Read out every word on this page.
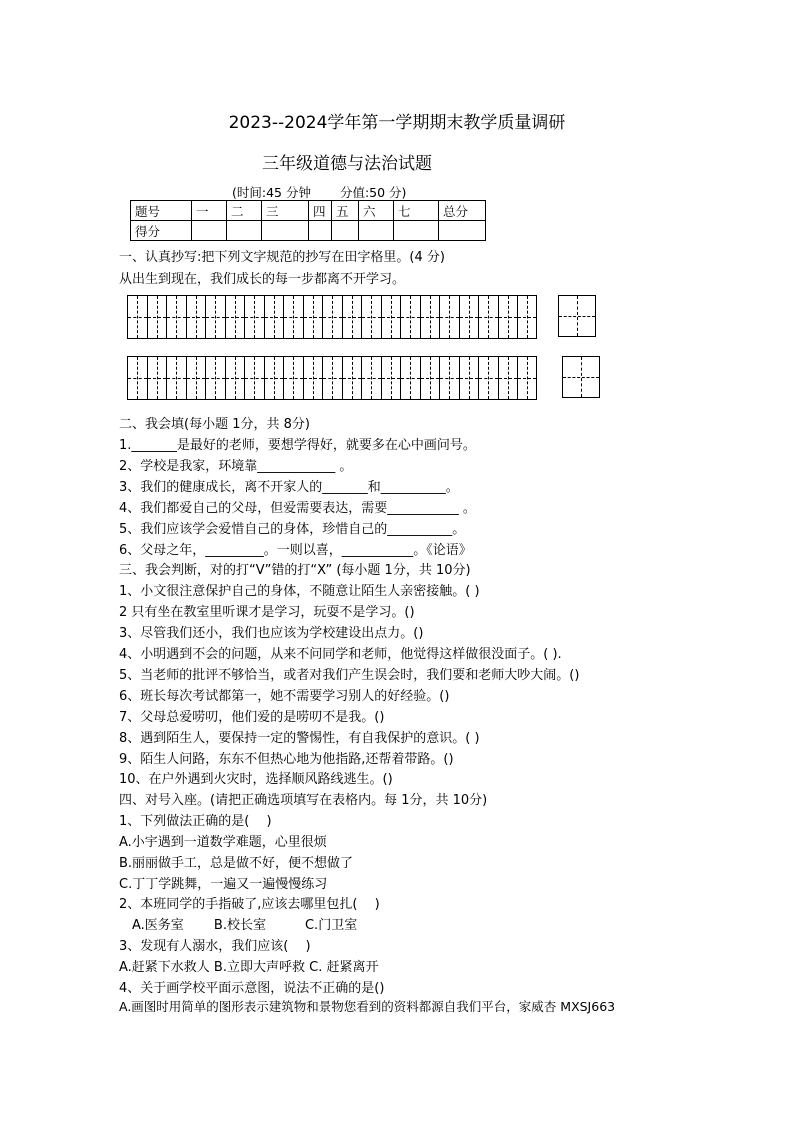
2023--2024学年第一学期期末教学质量调研
三年级道德与法治试题
(时间:45 分钟　　 分值:50 分)
题号	一	二	三	四	五	六	七	总分
得分								
一、认真抄写:把下列文字规范的抄写在田字格里。(4 分)
从出生到现在，我们成长的每一步都离不开学习。
二、我会填(每小题 1分，共 8分)
1._______是最好的老师，要想学得好，就要多在心中画问号。
2、学校是我家，环境靠____________ 。
3、我们的健康成长，离不开家人的_______和__________。
4、我们都爱自己的父母，但爱需要表达，需要___________ 。
5、我们应该学会爱惜自己的身体，珍惜自己的__________。
6、父母之年，_________。一则以喜，___________。《论语》
三、我会判断，对的打“V”错的打“X” (每小题 1分，共 10分)
1、小文很注意保护自己的身体，不随意让陌生人亲密接触。( )
2 只有坐在教室里听课才是学习，玩耍不是学习。()
3、尽管我们还小，我们也应该为学校建设出点力。()
4、小明遇到不会的问题，从来不问同学和老师，他觉得这样做很没面子。( ).
5、当老师的批评不够恰当，或者对我们产生误会时，我们要和老师大吵大闹。()
6、班长每次考试都第一，她不需要学习别人的好经验。()
7、父母总爱唠叨，他们爱的是唠叨不是我。()
8、遇到陌生人，要保持一定的警惕性，有自我保护的意识。( )
9、陌生人问路，东东不但热心地为他指路,还帮着带路。()
10、在户外遇到火灾时，选择顺风路线逃生。()
四、对号入座。(请把正确选项填写在表格内。每 1分，共 10分)
1、下列做法正确的是(　 )
A.小宇遇到一道数学难题，心里很烦
B.丽丽做手工，总是做不好，便不想做了
C.丁丁学跳舞，一遍又一遍慢慢练习
2、本班同学的手指破了,应该去哪里包扎(　 )
　A.医务室　　 B.校长室　　　C.门卫室
3、发现有人溺水，我们应该(　 )
A.赶紧下水救人 B.立即大声呼救 C. 赶紧离开
4、关于画学校平面示意图，说法不正确的是()
A.画图时用简单的图形表示建筑物和景物您看到的资料都源自我们平台，家威杏 MXSJ663
